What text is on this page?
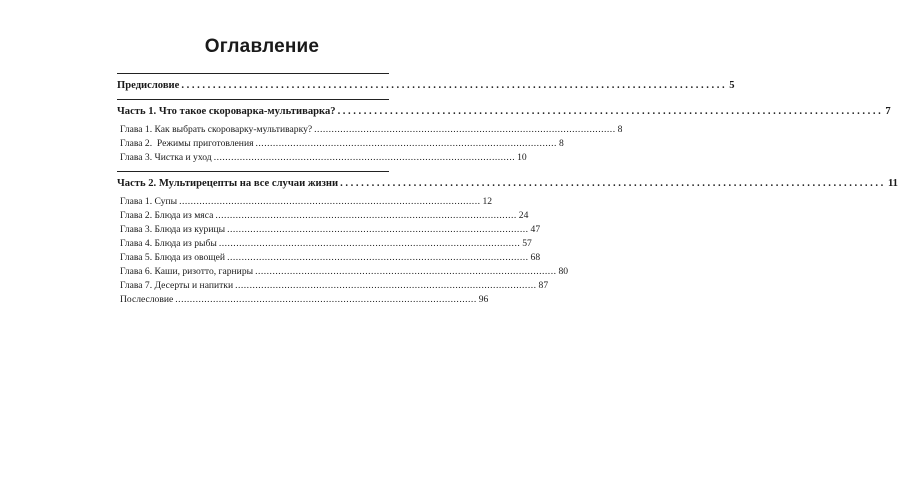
Оглавление
Предисловие ........................................................................................................ 5
Часть 1. Что такое скороварка-мультиварка? ........................................................................................................ 7
Глава 1. Как выбрать скороварку-мультиварку? ........................................................................................................ 8
Глава 2.  Режимы приготовления ........................................................................................................ 8
Глава 3. Чистка и уход ........................................................................................................ 10
Часть 2. Мультирецепты на все случаи жизни ........................................................................................................ 11
Глава 1. Супы ........................................................................................................ 12
Глава 2. Блюда из мяса ........................................................................................................ 24
Глава 3. Блюда из курицы ........................................................................................................ 47
Глава 4. Блюда из рыбы ........................................................................................................ 57
Глава 5. Блюда из овощей ........................................................................................................ 68
Глава 6. Каши, ризотто, гарниры ........................................................................................................ 80
Глава 7. Десерты и напитки ........................................................................................................ 87
Послесловие ........................................................................................................ 96
